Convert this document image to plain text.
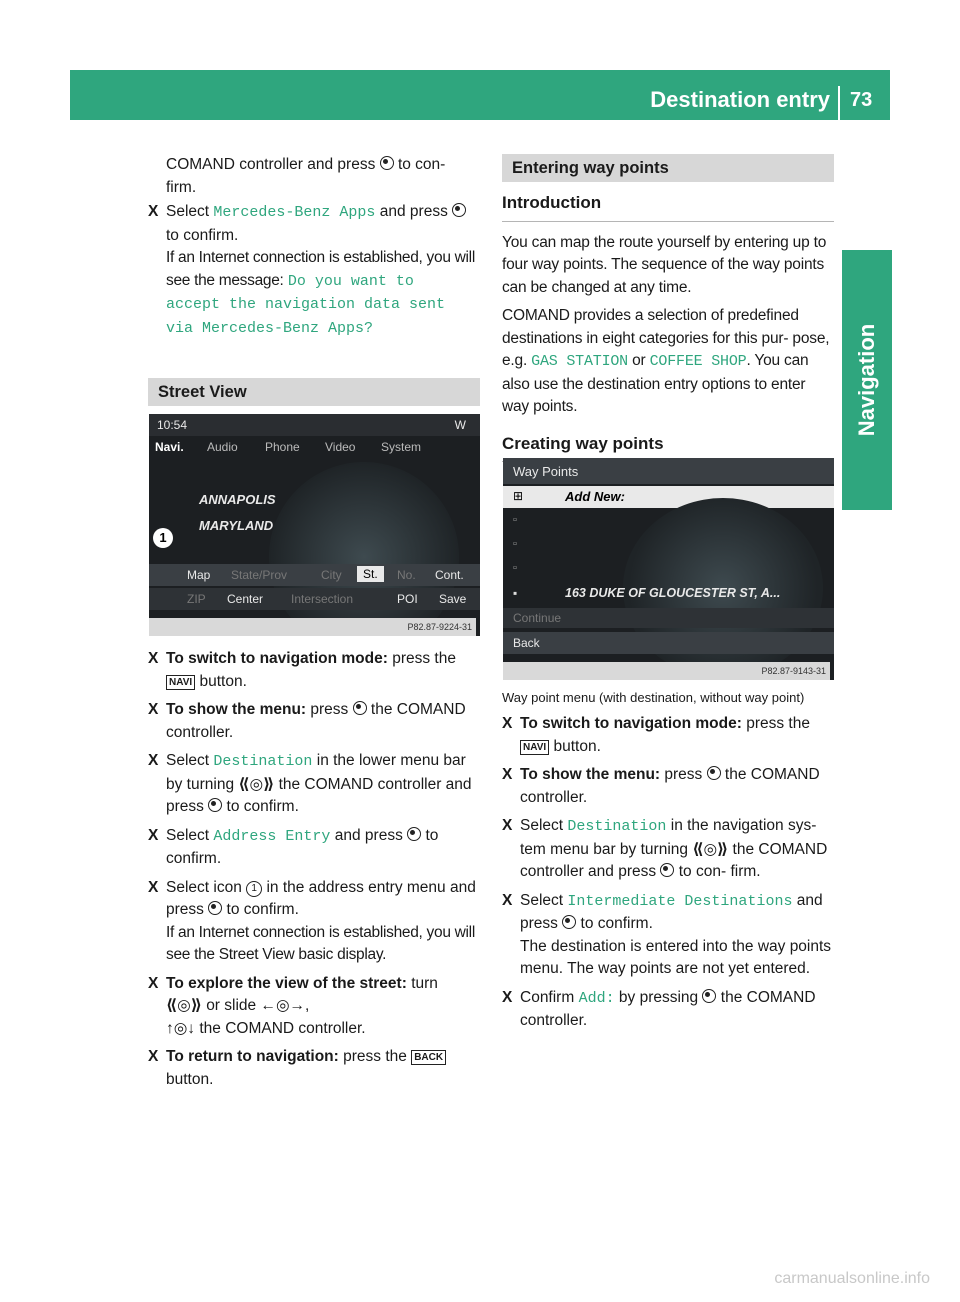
Destination entry	73
Navigation

COMAND controller and press to con-
firm.

X Select Mercedes-Benz Apps and press
to confirm.
If an Internet connection is established, you will see the message: Do you want to
accept the navigation data sent
via Mercedes-Benz Apps?
Street View
10:54	W
Navi. Audio Phone Video System
ANNAPOLIS
MARYLAND
1
Map State/Prov	City	St.	No. Cont.
ZIP Center Intersection	POI Save
P82.87-9224-31
X To switch to navigation mode: press the
NAVI button.
X To show the menu: press the COMAND controller.
X Select Destination in the lower menu bar by turning ⟪◎⟫ the COMAND controller and press to confirm.
X Select Address Entry and press to confirm.
X Select icon 1 in the address entry menu and press to confirm.
If an Internet connection is established, you will see the Street View basic display.
X To explore the view of the street: turn
⟪◎⟫ or slide ←◎→,
↑◎↓ the COMAND controller.
X To return to navigation: press the BACK
button.
Entering way points
Introduction

You can map the route yourself by entering up to four way points. The sequence of the way points can be changed at any time.

COMAND provides a selection of predefined destinations in eight categories for this pur- pose, e.g. GAS STATION or COFFEE SHOP. You can also use the destination entry options to enter way points.

Creating way points
Way Points
⊞	Add New:
▫
▫
▫
▪	163 DUKE OF GLOUCESTER ST, A...
Continue
Back
P82.87-9143-31

Way point menu (with destination, without way point)

X To switch to navigation mode: press the
NAVI button.
X To show the menu: press the COMAND controller.
X Select Destination in the navigation sys- tem menu bar by turning ⟪◎⟫ the COMAND controller and press to con- firm.
X Select Intermediate Destinations and press to confirm.
The destination is entered into the way points menu. The way points are not yet entered.
X Confirm Add: by pressing the COMAND controller.
carmanualsonline.info
